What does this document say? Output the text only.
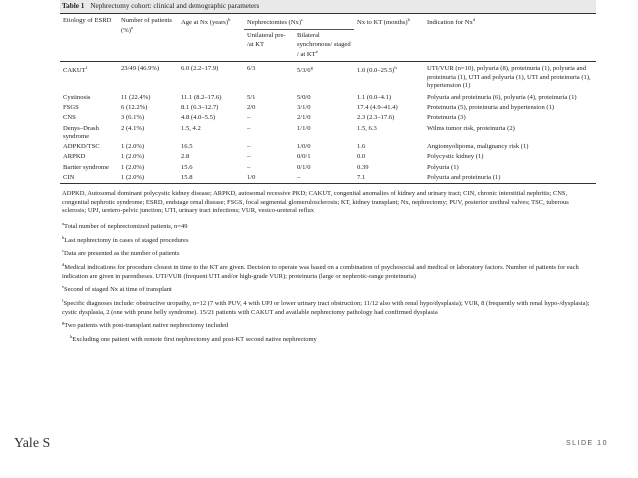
Table 1 Nephrectomy cohort: clinical and demographic parameters
Etiology of ESRD	Number of patients (%)$^a$	Age at Nx (years)$^b$	Nephrectomies $(Nx)^c$		Nx to KT (months)$^b$	Indication for Nx$^d$
			Unilateral pre- /at KT	Bilateral synchronous/ staged / at $KT^e$
CAKUT$^f$	23/49 (46.9%)	6.0 (2.2–17.9)	6/3	5/3/6$^g$	1.0 $(0.0-25.5)^h$	UTI/VUR (n=10), polyuria (8), proteinuria (1), polyuria and proteinuria (1), UTI and polyuria (1), UTI and proteinuria (1), hypertension (1)
Cystinosis	11 (22.4%)	11.1 (8.2–17.6)	5/1	5/0/0	1.1 (0.0–4.1)	Polyuria and proteinuria (6), polyuria (4), proteinuria (1)
FSGS	6 (12.2%)	8.1 (6.3–12.7)	2/0	3/1/0	17.4 (4.9–41.4)	Proteinuria (5), proteinuria and hypertension (1)
CNS	3 (6.1%)	4.8 (4.0–5.5)	–	2/1/0	2.3 (2.3–17.6)	Proteinuria (3)
Denys–Drash syndrome	2 (4.1%)	1.5, 4.2	–	1/1/0	1.5, 6.3	Wilms tumor risk, proteinuria (2)
ADPKD/TSC	1 (2.0%)	16.5	–	1/0/0	1.6	Angiomyolipoma, malignancy risk (1)
ARPKD	1 (2.0%)	2.8	–	0/0/1	0.0	Polycystic kidney (1)
Bartter syndrome	1 (2.0%)	15.6	–	0/1/0	0.39	Polyuria (1)
CIN	1 (2.0%)	15.8	1/0	–	7.1	Polyuria and proteinuria (1)

ADPKD, Autosomal dominant polycystic kidney disease; ARPKD, autosomal recessive PKD; CAKUT, congenital anomalies of kidney and urinary tract; CIN, chronic interstitial nephritis; CNS, congenital nephrotic syndrome; ESRD, endstage renal disease; FSGS, focal segmental glomerulosclerosis; KT, kidney transplant; Nx, nephrectomy; PUV, posterior urethral valves; TSC, tuberous sclerosis; UPJ, uretero-pelvic junction; UTI, urinary tract infections; VUR, vesico-ureteral reflux

$^a$Total number of nephrectomized patients, n=49

$^b$Last nephrectomy in cases of staged procedures

$^c$Data are presented as the number of patients

$^d$Medical indications for procedure closest in time to the KT are given. Decision to operate was based on a combination of psychosocial and medical or laboratory factors. Number of patients for each indication are given in parentheses. UTI/VUR (frequent UTI and/or high-grade VUR); proteinuria (large or nephrotic-range proteinuria)

$^e$Second of staged Nx at time of transplant

$^f$Specific diagnoses include: obstructive uropathy, n=12 (7 with PUV, 4 with UPJ or lower urinary tract obstruction; 11/12 also with renal hypo/dysplasia); VUR, 8 (frequently with renal hypo-/dysplasia); cystic dysplasia, 2 (one with prune belly syndrome). 15/21 patients with CAKUT and available nephrectomy pathology had confirmed dysplasia

$^g$Two patients with post-transplant native nephrectomy included

$^h$Excluding one patient with remote first nephrectomy and post-KT second native nephrectomy

Yale S	SLIDE 10
